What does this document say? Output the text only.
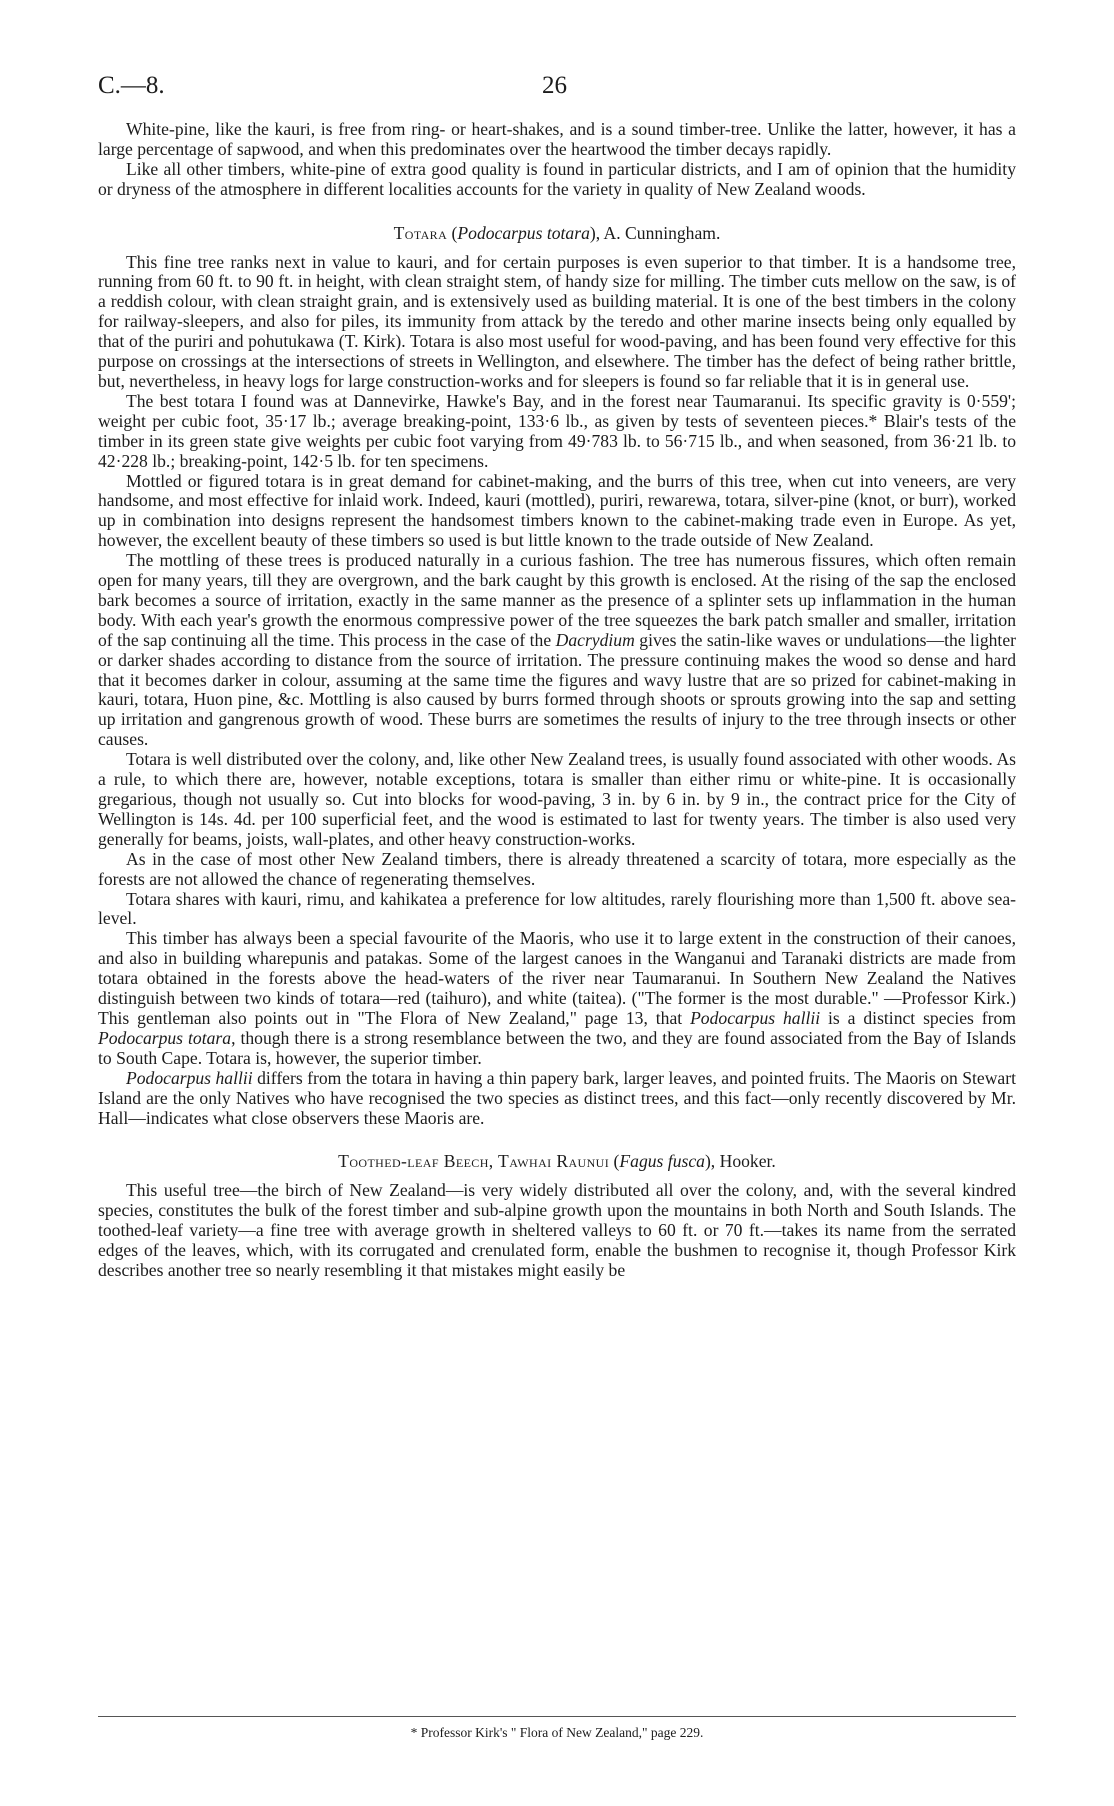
C.—8.	26

White-pine, like the kauri, is free from ring- or heart-shakes, and is a sound timber-tree. Unlike the latter, however, it has a large percentage of sapwood, and when this predominates over the heartwood the timber decays rapidly.

Like all other timbers, white-pine of extra good quality is found in particular districts, and I am of opinion that the humidity or dryness of the atmosphere in different localities accounts for the variety in quality of New Zealand woods.

Totara (Podocarpus totara), A. Cunningham.

This fine tree ranks next in value to kauri, and for certain purposes is even superior to that timber. It is a handsome tree, running from 60 ft. to 90 ft. in height, with clean straight stem, of handy size for milling. The timber cuts mellow on the saw, is of a reddish colour, with clean straight grain, and is extensively used as building material. It is one of the best timbers in the colony for railway-sleepers, and also for piles, its immunity from attack by the teredo and other marine insects being only equalled by that of the puriri and pohutukawa (T. Kirk). Totara is also most useful for wood-paving, and has been found very effective for this purpose on crossings at the intersections of streets in Wellington, and elsewhere. The timber has the defect of being rather brittle, but, nevertheless, in heavy logs for large construction-works and for sleepers is found so far reliable that it is in general use.

The best totara I found was at Dannevirke, Hawke's Bay, and in the forest near Taumaranui. Its specific gravity is 0·559'; weight per cubic foot, 35·17 lb.; average breaking-point, 133·6 lb., as given by tests of seventeen pieces.* Blair's tests of the timber in its green state give weights per cubic foot varying from 49·783 lb. to 56·715 lb., and when seasoned, from 36·21 lb. to 42·228 lb.; breaking-point, 142·5 lb. for ten specimens.

Mottled or figured totara is in great demand for cabinet-making, and the burrs of this tree, when cut into veneers, are very handsome, and most effective for inlaid work. Indeed, kauri (mottled), puriri, rewarewa, totara, silver-pine (knot, or burr), worked up in combination into designs represent the handsomest timbers known to the cabinet-making trade even in Europe. As yet, however, the excellent beauty of these timbers so used is but little known to the trade outside of New Zealand.

The mottling of these trees is produced naturally in a curious fashion. The tree has numerous fissures, which often remain open for many years, till they are overgrown, and the bark caught by this growth is enclosed. At the rising of the sap the enclosed bark becomes a source of irritation, exactly in the same manner as the presence of a splinter sets up inflammation in the human body. With each year's growth the enormous compressive power of the tree squeezes the bark patch smaller and smaller, irritation of the sap continuing all the time. This process in the case of the Dacrydium gives the satin-like waves or undulations—the lighter or darker shades according to distance from the source of irritation. The pressure continuing makes the wood so dense and hard that it becomes darker in colour, assuming at the same time the figures and wavy lustre that are so prized for cabinet-making in kauri, totara, Huon pine, &c. Mottling is also caused by burrs formed through shoots or sprouts growing into the sap and setting up irritation and gangrenous growth of wood. These burrs are sometimes the results of injury to the tree through insects or other causes.

Totara is well distributed over the colony, and, like other New Zealand trees, is usually found associated with other woods. As a rule, to which there are, however, notable exceptions, totara is smaller than either rimu or white-pine. It is occasionally gregarious, though not usually so. Cut into blocks for wood-paving, 3 in. by 6 in. by 9 in., the contract price for the City of Wellington is 14s. 4d. per 100 superficial feet, and the wood is estimated to last for twenty years. The timber is also used very generally for beams, joists, wall-plates, and other heavy construction-works.

As in the case of most other New Zealand timbers, there is already threatened a scarcity of totara, more especially as the forests are not allowed the chance of regenerating themselves.

Totara shares with kauri, rimu, and kahikatea a preference for low altitudes, rarely flourishing more than 1,500 ft. above sea-level.

This timber has always been a special favourite of the Maoris, who use it to large extent in the construction of their canoes, and also in building wharepunis and patakas. Some of the largest canoes in the Wanganui and Taranaki districts are made from totara obtained in the forests above the head-waters of the river near Taumaranui. In Southern New Zealand the Natives distinguish between two kinds of totara—red (taihuro), and white (taitea). ("The former is the most durable." —Professor Kirk.) This gentleman also points out in "The Flora of New Zealand," page 13, that Podocarpus hallii is a distinct species from Podocarpus totara, though there is a strong resemblance between the two, and they are found associated from the Bay of Islands to South Cape. Totara is, however, the superior timber.

Podocarpus hallii differs from the totara in having a thin papery bark, larger leaves, and pointed fruits. The Maoris on Stewart Island are the only Natives who have recognised the two species as distinct trees, and this fact—only recently discovered by Mr. Hall—indicates what close observers these Maoris are.

Toothed-leaf Beech, Tawhai Raunui (Fagus fusca), Hooker.

This useful tree—the birch of New Zealand—is very widely distributed all over the colony, and, with the several kindred species, constitutes the bulk of the forest timber and sub-alpine growth upon the mountains in both North and South Islands. The toothed-leaf variety—a fine tree with average growth in sheltered valleys to 60 ft. or 70 ft.—takes its name from the serrated edges of the leaves, which, with its corrugated and crenulated form, enable the bushmen to recognise it, though Professor Kirk describes another tree so nearly resembling it that mistakes might easily be

* Professor Kirk's " Flora of New Zealand," page 229.
